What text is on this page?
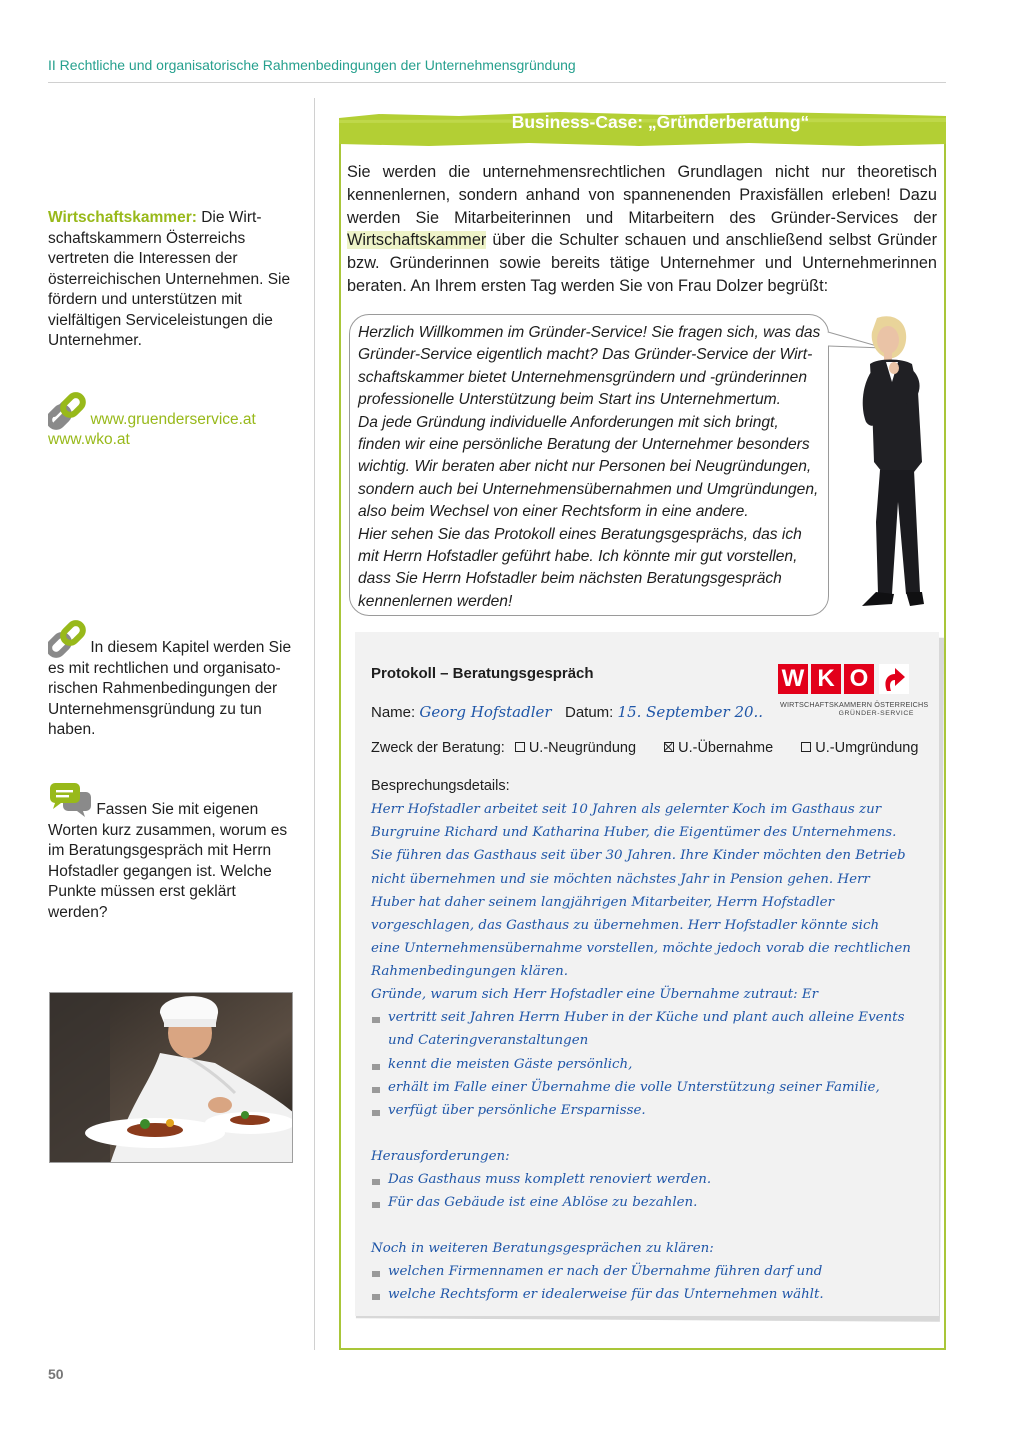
II Rechtliche und organisatorische Rahmenbedingungen der Unternehmensgründung
Wirtschaftskammer: Die Wirtschaftskammern Österreichs vertreten die Interessen der österreichischen Unternehmen. Sie fördern und unterstützen mit vielfältigen Serviceleistungen die Unternehmer.
www.gruenderservice.at
www.wko.at
In diesem Kapitel werden Sie es mit rechtlichen und organisatorischen Rahmenbedingungen der Unternehmensgründung zu tun haben.
Fassen Sie mit eigenen Worten kurz zusammen, worum es im Beratungsgespräch mit Herrn Hofstadler gegangen ist. Welche Punkte müssen erst geklärt werden?
Business-Case: „Gründerberatung“
Sie werden die unternehmensrechtlichen Grundlagen nicht nur theoretisch kennenlernen, sondern anhand von spannenenden Praxisfällen erleben! Dazu werden Sie Mitarbeiterinnen und Mitarbeitern des Gründer-Services der Wirtschaftskammer über die Schulter schauen und anschließend selbst Gründer bzw. Gründerinnen sowie bereits tätige Unternehmer und Unternehmerinnen beraten. An Ihrem ersten Tag werden Sie von Frau Dolzer begrüßt:
Herzlich Willkommen im Gründer-Service! Sie fragen sich, was das Gründer-Service eigentlich macht? Das Gründer-Service der Wirtschaftskammer bietet Unternehmensgründern und -gründerinnen professionelle Unterstützung beim Start ins Unternehmertum.
Da jede Gründung individuelle Anforderungen mit sich bringt, finden wir eine persönliche Beratung der Unternehmer besonders wichtig. Wir beraten aber nicht nur Personen bei Neugründungen, sondern auch bei Unternehmensübernahmen und Umgründungen, also beim Wechsel von einer Rechtsform in eine andere.
Hier sehen Sie das Protokoll eines Beratungsgesprächs, das ich mit Herrn Hofstadler geführt habe. Ich könnte mir gut vorstellen, dass Sie Herrn Hofstadler beim nächsten Beratungsgespräch kennenlernen werden!
Protokoll – Beratungsgespräch	W K O
WIRTSCHAFTSKAMMERN ÖSTERREICHS
GRÜNDER-SERVICE
Name: Georg Hofstadler Datum: 15. September 20..
Zweck der Beratung: U.-Neugründung	U.-Übernahme	U.-Umgründung
Besprechungsdetails:
Herr Hofstadler arbeitet seit 10 Jahren als gelernter Koch im Gasthaus zur Burgruine Richard und Katharina Huber, die Eigentümer des Unternehmens. Sie führen das Gasthaus seit über 30 Jahren. Ihre Kinder möchten den Betrieb nicht übernehmen und sie möchten nächstes Jahr in Pension gehen. Herr Huber hat daher seinem langjährigen Mitarbeiter, Herrn Hofstadler vorgeschlagen, das Gasthaus zu übernehmen. Herr Hofstadler könnte sich eine Unternehmensübernahme vorstellen, möchte jedoch vorab die rechtlichen Rahmenbedingungen klären.
Gründe, warum sich Herr Hofstadler eine Übernahme zutraut: Er
vertritt seit Jahren Herrn Huber in der Küche und plant auch alleine Events und Cateringveranstaltungen
kennt die meisten Gäste persönlich,
erhält im Falle einer Übernahme die volle Unterstützung seiner Familie,
verfügt über persönliche Ersparnisse.
Herausforderungen:
Das Gasthaus muss komplett renoviert werden.
Für das Gebäude ist eine Ablöse zu bezahlen.
Noch in weiteren Beratungsgesprächen zu klären:
welchen Firmennamen er nach der Übernahme führen darf und
welche Rechtsform er idealerweise für das Unternehmen wählt.
50
